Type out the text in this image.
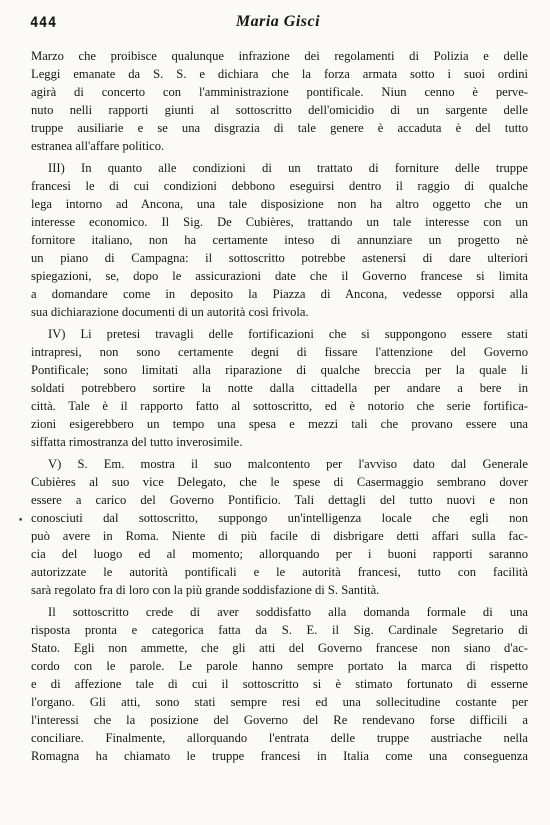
444	Maria Gisci
•
Marzo che proibisce qualunque infrazione dei regolamenti di Polizia e delle
Leggi emanate da S. S. e dichiara che la forza armata sotto i suoi ordini
agirà di concerto con l'amministrazione pontificale. Niun cenno è perve-
nuto nelli rapporti giunti al sottoscritto dell'omicidio di un sargente delle
truppe ausiliarie e se una disgrazia di tale genere è accaduta è del tutto
estranea all'affare politico.
III) In quanto alle condizioni di un trattato di forniture delle truppe
francesi le di cui condizioni debbono eseguirsi dentro il raggio di qualche
lega intorno ad Ancona, una tale disposizione non ha altro oggetto che un
interesse economico. Il Sig. De Cubières, trattando un tale interesse con un
fornitore italiano, non ha certamente inteso di annunziare un progetto nè
un piano di Campagna: il sottoscritto potrebbe astenersi di dare ulteriori
spiegazioni, se, dopo le assicurazioni date che il Governo francese si limita
a domandare come in deposito la Piazza di Ancona, vedesse opporsi alla
sua dichiarazione documenti di un autorità così frivola.
IV) Li pretesi travagli delle fortificazioni che si suppongono essere stati
intrapresi, non sono certamente degni di fissare l'attenzione del Governo
Pontificale; sono limitati alla riparazione di qualche breccia per la quale li
soldati potrebbero sortire la notte dalla cittadella per andare a bere in
città. Tale è il rapporto fatto al sottoscritto, ed è notorio che serie fortifica-
zioni esigerebbero un tempo una spesa e mezzi tali che provano essere una
siffatta rimostranza del tutto inverosimile.
V) S. Em. mostra il suo malcontento per l'avviso dato dal Generale
Cubières al suo vice Delegato, che le spese di Casermaggio sembrano dover
essere a carico del Governo Pontificio. Tali dettagli del tutto nuovi e non
conosciuti dal sottoscritto, suppongo un'intelligenza locale che egli non
può avere in Roma. Niente di più facile di disbrigare detti affari sulla fac-
cia del luogo ed al momento; allorquando per i buoni rapporti saranno
autorizzate le autorità pontificali e le autorità francesi, tutto con facilità
sarà regolato fra di loro con la più grande soddisfazione di S. Santità.
Il sottoscritto crede di aver soddisfatto alla domanda formale di una
risposta pronta e categorica fatta da S. E. il Sig. Cardinale Segretario di
Stato. Egli non ammette, che gli atti del Governo francese non siano d'ac-
cordo con le parole. Le parole hanno sempre portato la marca di rispetto
e di affezione tale di cui il sottoscritto si è stimato fortunato di esserne
l'organo. Gli atti, sono stati sempre resi ed una sollecitudine costante per
l'interessi che la posizione del Governo del Re rendevano forse difficili a
conciliare. Finalmente, allorquando l'entrata delle truppe austriache nella
Romagna ha chiamato le truppe francesi in Italia come una conseguenza
